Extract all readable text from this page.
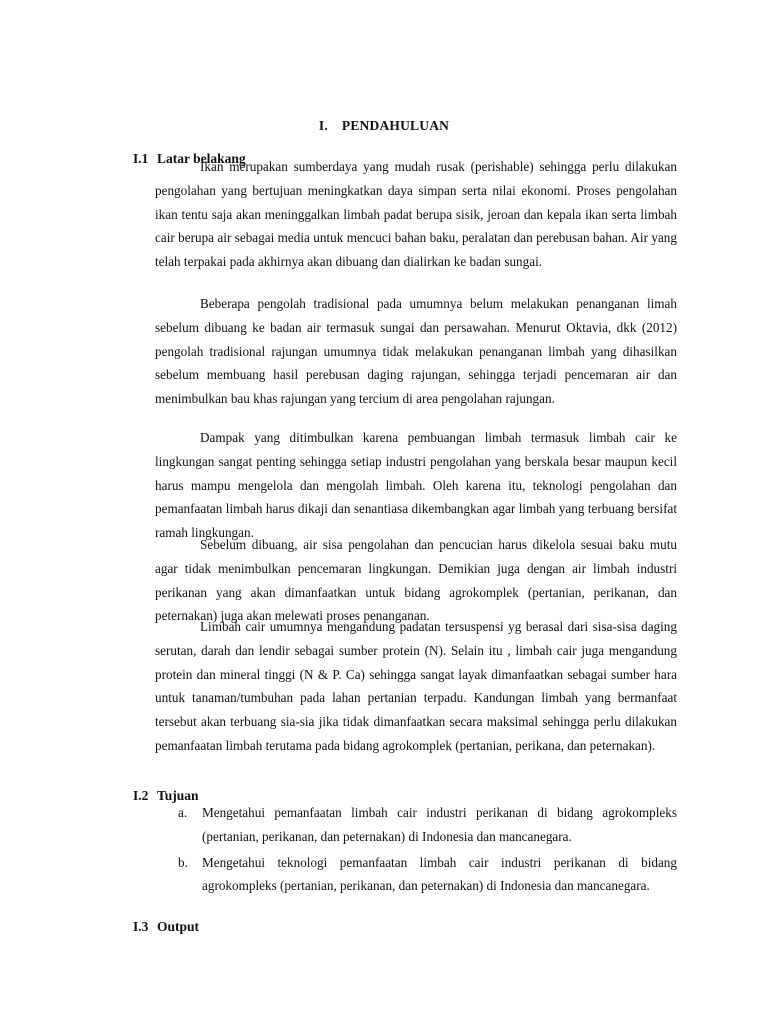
I. PENDAHULUAN
I.1 Latar belakang

Ikan merupakan sumberdaya yang mudah rusak (perishable) sehingga perlu dilakukan pengolahan yang bertujuan meningkatkan daya simpan serta nilai ekonomi. Proses pengolahan ikan tentu saja akan meninggalkan limbah padat berupa sisik, jeroan dan kepala ikan serta limbah cair berupa air sebagai media untuk mencuci bahan baku, peralatan dan perebusan bahan. Air yang telah terpakai pada akhirnya akan dibuang dan dialirkan ke badan sungai.

Beberapa pengolah tradisional pada umumnya belum melakukan penanganan limah sebelum dibuang ke badan air termasuk sungai dan persawahan. Menurut Oktavia, dkk (2012) pengolah tradisional rajungan umumnya tidak melakukan penanganan limbah yang dihasilkan sebelum membuang hasil perebusan daging rajungan, sehingga terjadi pencemaran air dan menimbulkan bau khas rajungan yang tercium di area pengolahan rajungan.

Dampak yang ditimbulkan karena pembuangan limbah termasuk limbah cair ke lingkungan sangat penting sehingga setiap industri pengolahan yang berskala besar maupun kecil harus mampu mengelola dan mengolah limbah. Oleh karena itu, teknologi pengolahan dan pemanfaatan limbah harus dikaji dan senantiasa dikembangkan agar limbah yang terbuang bersifat ramah lingkungan.

Sebelum dibuang, air sisa pengolahan dan pencucian harus dikelola sesuai baku mutu agar tidak menimbulkan pencemaran lingkungan. Demikian juga dengan air limbah industri perikanan yang akan dimanfaatkan untuk bidang agrokomplek (pertanian, perikanan, dan peternakan) juga akan melewati proses penanganan.

Limbah cair umumnya mengandung padatan tersuspensi yg berasal dari sisa-sisa daging serutan, darah dan lendir sebagai sumber protein (N). Selain itu , limbah cair juga mengandung protein dan mineral tinggi (N & P. Ca) sehingga sangat layak dimanfaatkan sebagai sumber hara untuk tanaman/tumbuhan pada lahan pertanian terpadu. Kandungan limbah yang bermanfaat tersebut akan terbuang sia-sia jika tidak dimanfaatkan secara maksimal sehingga perlu dilakukan pemanfaatan limbah terutama pada bidang agrokomplek (pertanian, perikana, dan peternakan).

I.2 Tujuan
a. Mengetahui pemanfaatan limbah cair industri perikanan di bidang agrokompleks (pertanian, perikanan, dan peternakan) di Indonesia dan mancanegara.
b. Mengetahui teknologi pemanfaatan limbah cair industri perikanan di bidang agrokompleks (pertanian, perikanan, dan peternakan) di Indonesia dan mancanegara.
I.3 Output
